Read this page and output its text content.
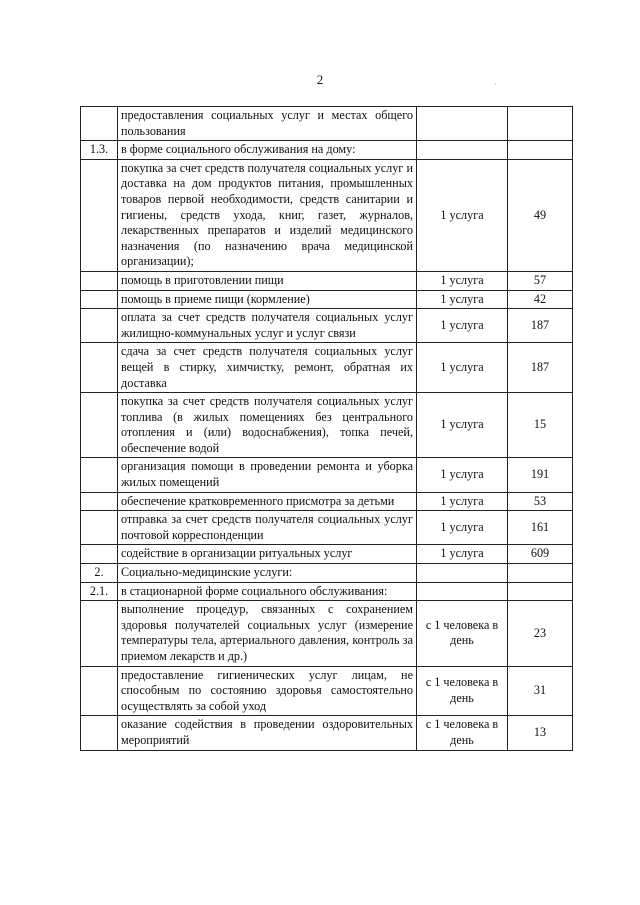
2	·
	предоставления социальных услуг и местах общего пользования		
1.3.	в форме социального обслуживания на дому:		
	покупка за счет средств получателя социальных услуг и доставка на дом продуктов питания, промышленных товаров первой необходимости, средств санитарии и гигиены, средств ухода, книг, газет, журналов, лекарственных препаратов и изделий медицинского назначения (по назначению врача медицинской организации);	1 услуга	49
	помощь в приготовлении пищи	1 услуга	57
	помощь в приеме пищи (кормление)	1 услуга	42
	оплата за счет средств получателя социальных услуг жилищно-коммунальных услуг и услуг связи	1 услуга	187
	сдача за счет средств получателя социальных услуг вещей в стирку, химчистку, ремонт, обратная их доставка	1 услуга	187
	покупка за счет средств получателя социальных услуг топлива (в жилых помещениях без центрального отопления и (или) водоснабжения), топка печей, обеспечение водой	1 услуга	15
	организация помощи в проведении ремонта и уборка жилых помещений	1 услуга	191
	обеспечение кратковременного присмотра за детьми	1 услуга	53
	отправка за счет средств получателя социальных услуг почтовой корреспонденции	1 услуга	161
	содействие в организации ритуальных услуг	1 услуга	609
2.	Социально-медицинские услуги:		
2.1.	в стационарной форме социального обслуживания:		
	выполнение процедур, связанных с сохранением здоровья получателей социальных услуг (измерение температуры тела, артериального давления, контроль за приемом лекарств и др.)	с 1 человека в день	23
	предоставление гигиенических услуг лицам, не способным по состоянию здоровья самостоятельно осуществлять за собой уход	с 1 человека в день	31
	оказание содействия в проведении оздоровительных мероприятий	с 1 человека в день	13
